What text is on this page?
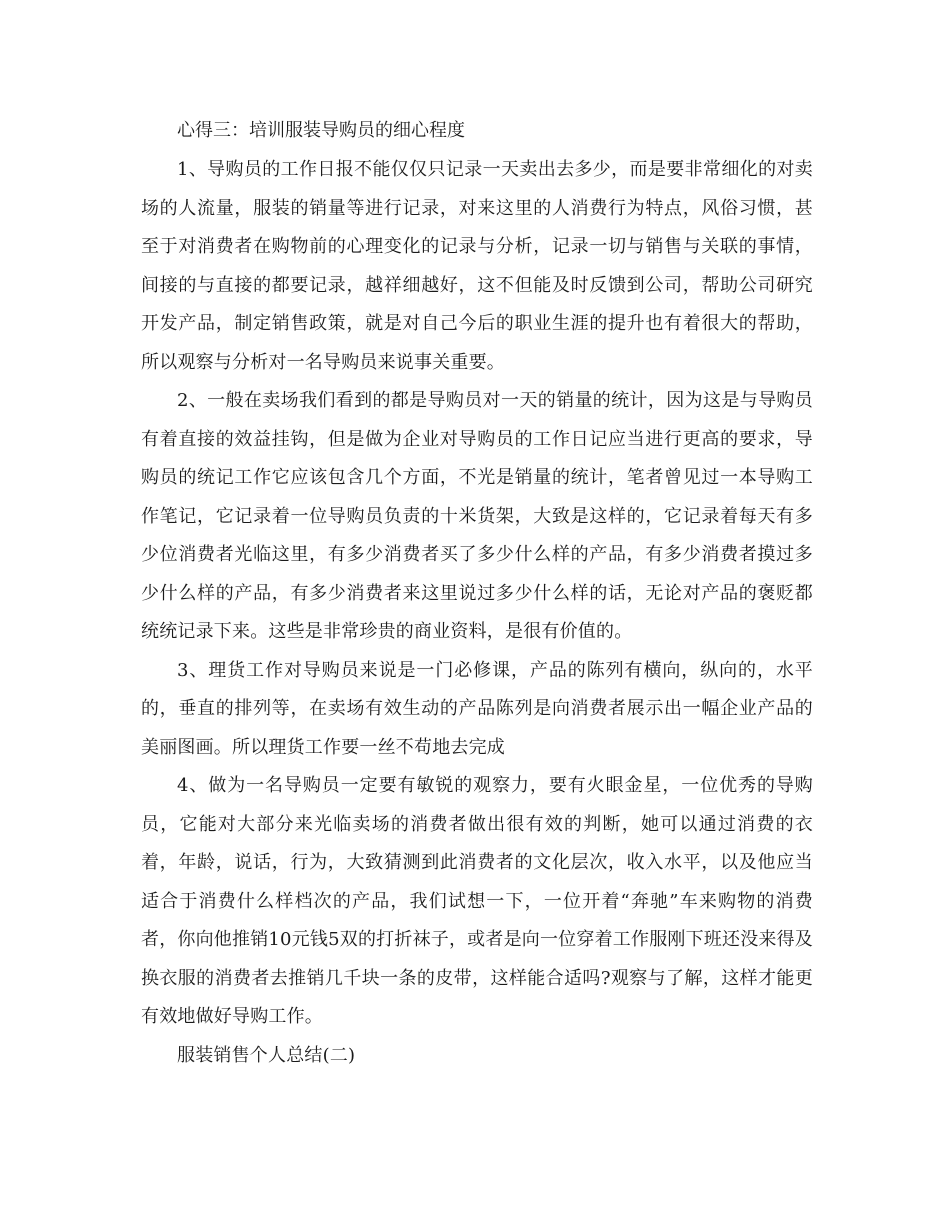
心得三：培训服装导购员的细心程度

1、导购员的工作日报不能仅仅只记录一天卖出去多少，而是要非常细化的对卖场的人流量，服装的销量等进行记录，对来这里的人消费行为特点，风俗习惯，甚至于对消费者在购物前的心理变化的记录与分析，记录一切与销售与关联的事情，间接的与直接的都要记录，越祥细越好，这不但能及时反馈到公司，帮助公司研究开发产品，制定销售政策，就是对自己今后的职业生涯的提升也有着很大的帮助，所以观察与分析对一名导购员来说事关重要。

2、一般在卖场我们看到的都是导购员对一天的销量的统计，因为这是与导购员有着直接的效益挂钩，但是做为企业对导购员的工作日记应当进行更高的要求，导购员的统记工作它应该包含几个方面，不光是销量的统计，笔者曾见过一本导购工作笔记，它记录着一位导购员负责的十米货架，大致是这样的，它记录着每天有多少位消费者光临这里，有多少消费者买了多少什么样的产品，有多少消费者摸过多少什么样的产品，有多少消费者来这里说过多少什么样的话，无论对产品的褒贬都统统记录下来。这些是非常珍贵的商业资料，是很有价值的。

3、理货工作对导购员来说是一门必修课，产品的陈列有横向，纵向的，水平的，垂直的排列等，在卖场有效生动的产品陈列是向消费者展示出一幅企业产品的美丽图画。所以理货工作要一丝不苟地去完成

4、做为一名导购员一定要有敏锐的观察力，要有火眼金星，一位优秀的导购员，它能对大部分来光临卖场的消费者做出很有效的判断，她可以通过消费的衣着，年龄，说话，行为，大致猜测到此消费者的文化层次，收入水平，以及他应当适合于消费什么样档次的产品，我们试想一下，一位开着“奔驰”车来购物的消费者，你向他推销10元钱5双的打折袜子，或者是向一位穿着工作服刚下班还没来得及换衣服的消费者去推销几千块一条的皮带，这样能合适吗?观察与了解，这样才能更有效地做好导购工作。

服装销售个人总结(二)
